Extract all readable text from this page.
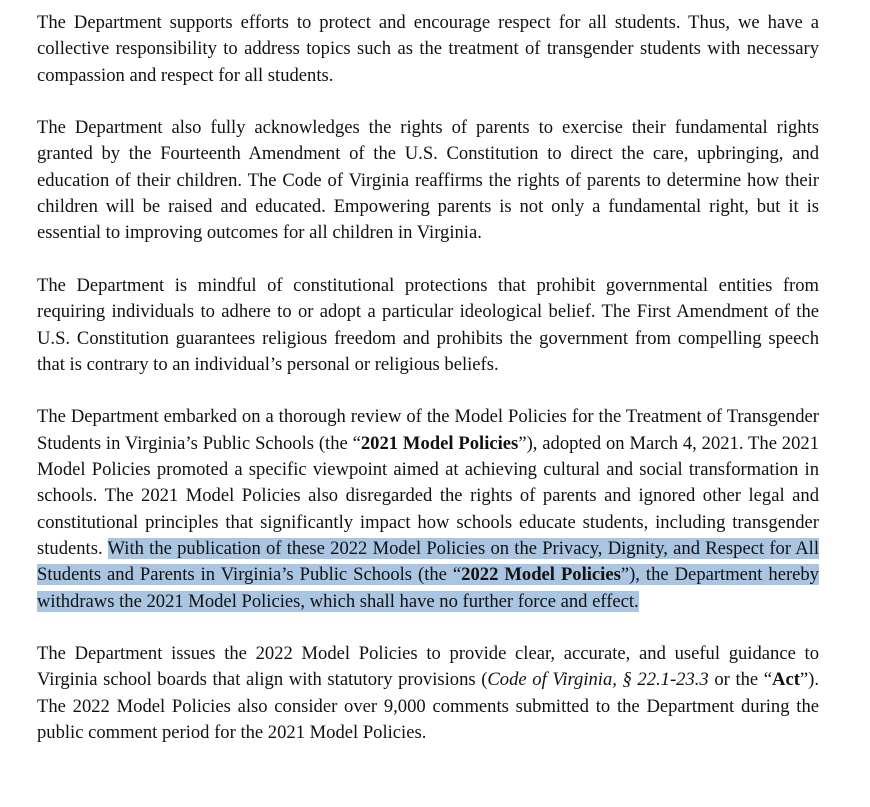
The Department supports efforts to protect and encourage respect for all students. Thus, we have a collective responsibility to address topics such as the treatment of transgender students with necessary compassion and respect for all students.

The Department also fully acknowledges the rights of parents to exercise their fundamental rights granted by the Fourteenth Amendment of the U.S. Constitution to direct the care, upbringing, and education of their children. The Code of Virginia reaffirms the rights of parents to determine how their children will be raised and educated. Empowering parents is not only a fundamental right, but it is essential to improving outcomes for all children in Virginia.

The Department is mindful of constitutional protections that prohibit governmental entities from requiring individuals to adhere to or adopt a particular ideological belief. The First Amendment of the U.S. Constitution guarantees religious freedom and prohibits the government from compelling speech that is contrary to an individual’s personal or religious beliefs.

The Department embarked on a thorough review of the Model Policies for the Treatment of Transgender Students in Virginia’s Public Schools (the “2021 Model Policies”), adopted on March 4, 2021. The 2021 Model Policies promoted a specific viewpoint aimed at achieving cultural and social transformation in schools. The 2021 Model Policies also disregarded the rights of parents and ignored other legal and constitutional principles that significantly impact how schools educate students, including transgender students. With the publication of these 2022 Model Policies on the Privacy, Dignity, and Respect for All Students and Parents in Virginia’s Public Schools (the “2022 Model Policies”), the Department hereby withdraws the 2021 Model Policies, which shall have no further force and effect.

The Department issues the 2022 Model Policies to provide clear, accurate, and useful guidance to Virginia school boards that align with statutory provisions (Code of Virginia, § 22.1-23.3 or the “Act”). The 2022 Model Policies also consider over 9,000 comments submitted to the Department during the public comment period for the 2021 Model Policies.
